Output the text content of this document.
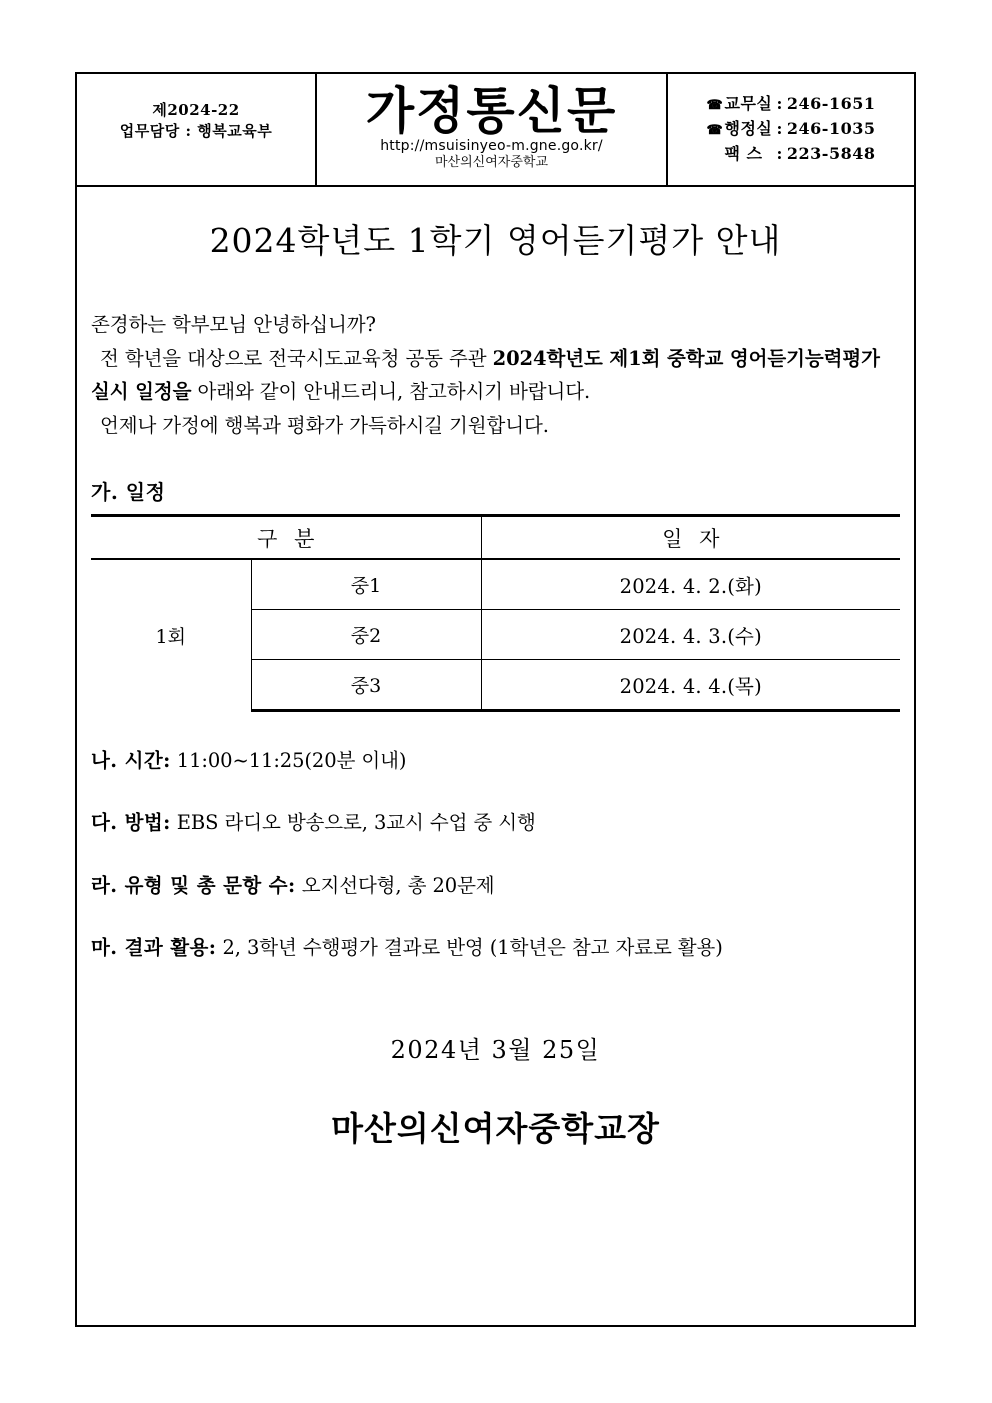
제2024-22
업무담당 : 행복교육부 가정통신문
http://msuisinyeo-m.gne.go.kr/
마산의신여자중학교
☎ 교무실 : 246-1651
☎ 행정실 : 246-1035
팩 스 : 223-5848
2024학년도 1학기 영어듣기평가 안내

존경하는 학부모님 안녕하십니까?

전 학년을 대상으로 전국시도교육청 공동 주관 2024학년도 제1회 중학교 영어듣기능력평가 실시 일정을 아래와 같이 안내드리니, 참고하시기 바랍니다.

언제나 가정에 행복과 평화가 가득하시길 기원합니다.

가. 일정
구 분		일 자
1회	중1	2024. 4. 2.(화)
	중2	2024. 4. 3.(수)
	중3	2024. 4. 4.(목)
나. 시간: 11:00~11:25(20분 이내)
다. 방법: EBS 라디오 방송으로, 3교시 수업 중 시행
라. 유형 및 총 문항 수: 오지선다형, 총 20문제
마. 결과 활용: 2, 3학년 수행평가 결과로 반영 (1학년은 참고 자료로 활용)
2024년 3월 25일
마산의신여자중학교장
